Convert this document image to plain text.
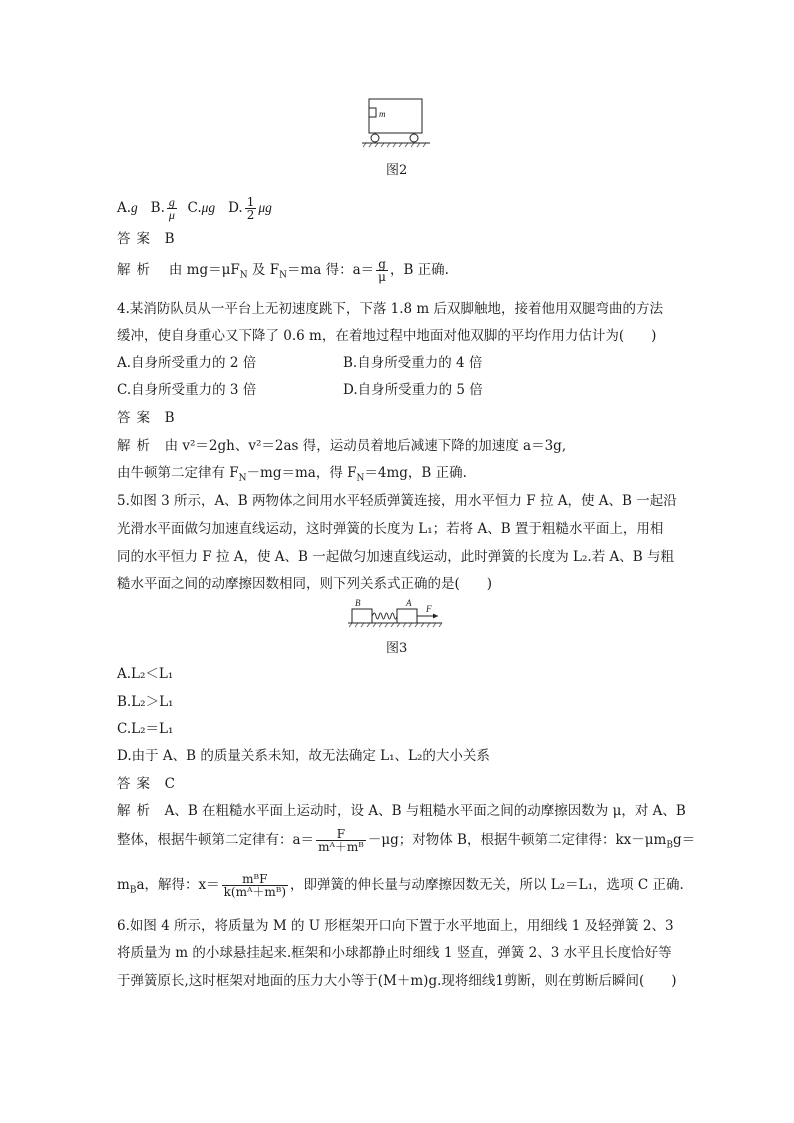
m
图2
A.g B. $\frac{g}{\mu} C.\mu g$ D. $\frac{1}{2}$ μg
答案 B
解析 由 $mg=\mu F_N$ 及 $F_N=ma$ 得：$a= \frac{g}{\mu}$ ，B 正确.
4.某消防队员从一平台上无初速度跳下，下落 1.8 m 后双脚触地，接着他用双腿弯曲的方法
缓冲，使自身重心又下降了 0.6 m，在着地过程中地面对他双脚的平均作用力估计为(　　)
A.自身所受重力的 2 倍	B.自身所受重力的 4 倍
C.自身所受重力的 3 倍	D.自身所受重力的 5 倍
答案 B
解析 由 v²＝2gh、v²＝2as 得，运动员着地后减速下降的加速度 a＝3g,
由牛顿第二定律有 $F_N-mg=ma$，得 $F_N=4mg$，B 正确.
5.如图 3 所示，A、B 两物体之间用水平轻质弹簧连接，用水平恒力 F 拉 A，使 A、B 一起沿
光滑水平面做匀加速直线运动，这时弹簧的长度为 L₁；若将 A、B 置于粗糙水平面上，用相
同的水平恒力 F 拉 A，使 A、B 一起做匀加速直线运动，此时弹簧的长度为 L₂.若 A、B 与粗
糙水平面之间的动摩擦因数相同，则下列关系式正确的是(　　)
B	A
F
图3
A.L₂＜L₁
B.L₂＞L₁
C.L₂＝L₁
D.由于 A、B 的质量关系未知，故无法确定 L₁、L₂的大小关系
答案 C
解析 A、B 在粗糙水平面上运动时，设 A、B 与粗糙水平面之间的动摩擦因数为 μ，对 A、B
整体，根据牛顿第二定律有：$a= \frac{F}{\text{mᴬ＋mᴮ}} -\mu g$；对物体 B，根据牛顿第二定律得：$kx-\mu m_Bg=$
$m_Ba$，解得：$x= \frac{\text{mᴮF}}{\text{k(mᴬ＋mᴮ)}}$ ，即弹簧的伸长量与动摩擦因数无关，所以 L₂＝L₁，选项 C 正确.
6.如图 4 所示，将质量为 M 的 U 形框架开口向下置于水平地面上，用细线 1 及轻弹簧 2、3
将质量为 m 的小球悬挂起来.框架和小球都静止时细线 1 竖直，弹簧 2、3 水平且长度恰好等
于弹簧原长,这时框架对地面的压力大小等于(M＋m)g.现将细线1剪断，则在剪断后瞬间(　　)
